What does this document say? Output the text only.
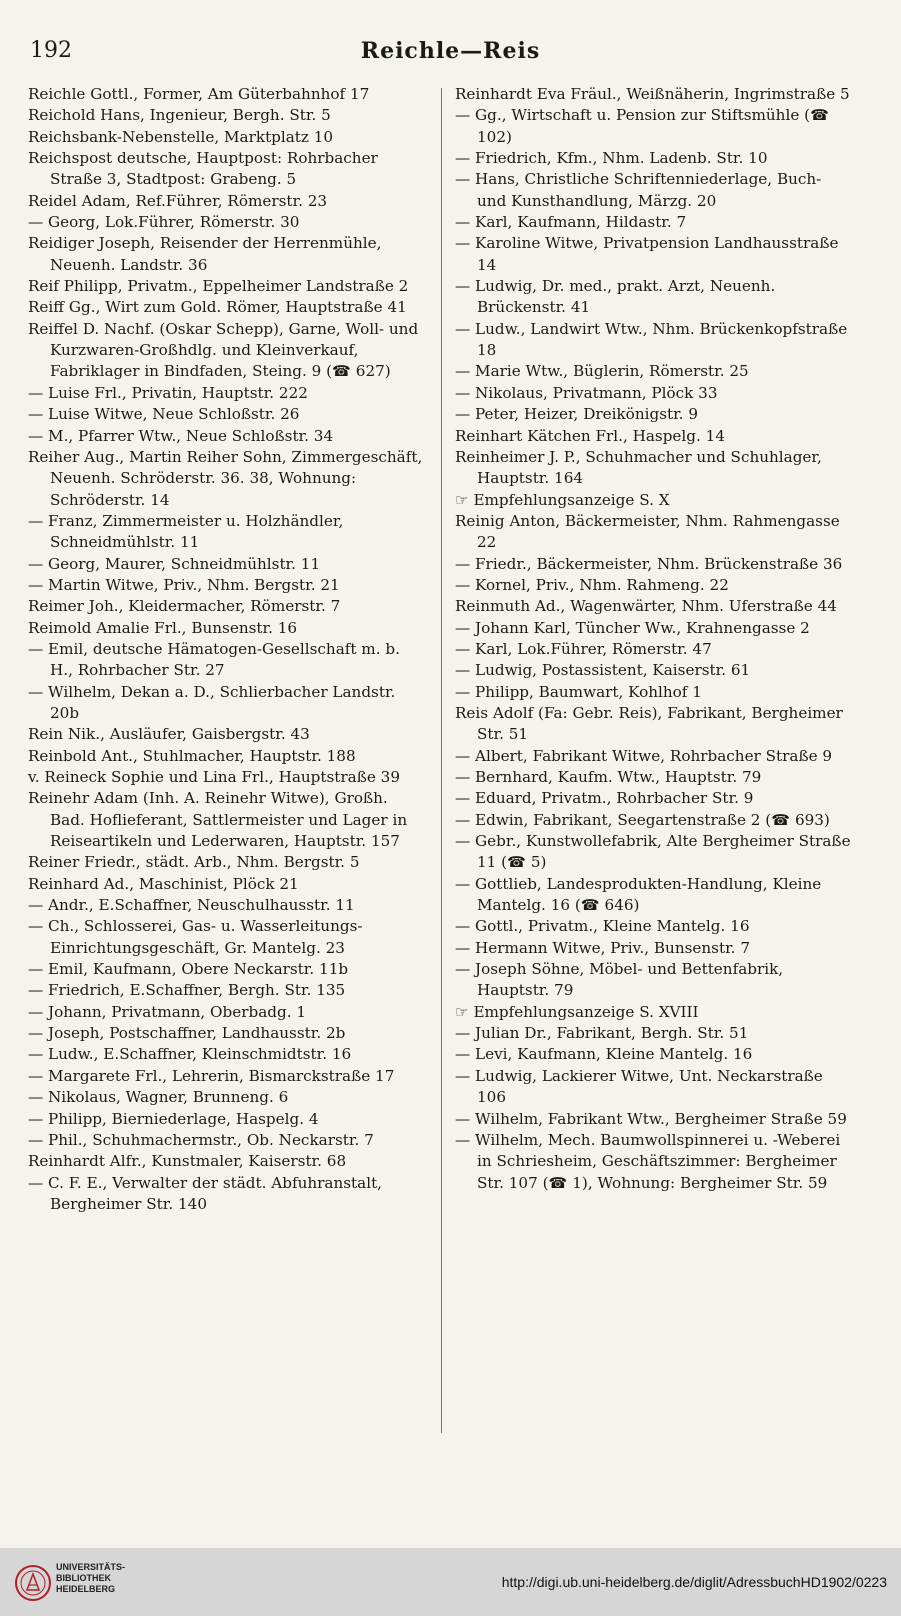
192	Reichle—Reis
Reichle Gottl., Former, Am Güterbahnhof 17
Reichold Hans, Ingenieur, Bergh. Str. 5
Reichsbank-Nebenstelle, Marktplatz 10
Reichspost deutsche, Hauptpost: Rohrbacher Straße 3, Stadtpost: Grabeng. 5
Reidel Adam, Ref.Führer, Römerstr. 23
— Georg, Lok.Führer, Römerstr. 30
Reidiger Joseph, Reisender der Herrenmühle, Neuenh. Landstr. 36
Reif Philipp, Privatm., Eppelheimer Landstraße 2
Reiff Gg., Wirt zum Gold. Römer, Hauptstraße 41
Reiffel D. Nachf. (Oskar Schepp), Garne, Woll- und Kurzwaren-Großhdlg. und Kleinverkauf, Fabriklager in Bindfaden, Steing. 9 (☎ 627)
— Luise Frl., Privatin, Hauptstr. 222
— Luise Witwe, Neue Schloßstr. 26
— M., Pfarrer Wtw., Neue Schloßstr. 34
Reiher Aug., Martin Reiher Sohn, Zimmergeschäft, Neuenh. Schröderstr. 36. 38, Wohnung: Schröderstr. 14
— Franz, Zimmermeister u. Holzhändler, Schneidmühlstr. 11
— Georg, Maurer, Schneidmühlstr. 11
— Martin Witwe, Priv., Nhm. Bergstr. 21
Reimer Joh., Kleidermacher, Römerstr. 7
Reimold Amalie Frl., Bunsenstr. 16
— Emil, deutsche Hämatogen-Gesellschaft m. b. H., Rohrbacher Str. 27
— Wilhelm, Dekan a. D., Schlierbacher Landstr. 20b
Rein Nik., Ausläufer, Gaisbergstr. 43
Reinbold Ant., Stuhlmacher, Hauptstr. 188
v. Reineck Sophie und Lina Frl., Hauptstraße 39
Reinehr Adam (Inh. A. Reinehr Witwe), Großh. Bad. Hoflieferant, Sattlermeister und Lager in Reiseartikeln und Lederwaren, Hauptstr. 157
Reiner Friedr., städt. Arb., Nhm. Bergstr. 5
Reinhard Ad., Maschinist, Plöck 21
— Andr., E.Schaffner, Neuschulhausstr. 11
— Ch., Schlosserei, Gas- u. Wasserleitungs-Einrichtungsgeschäft, Gr. Mantelg. 23
— Emil, Kaufmann, Obere Neckarstr. 11b
— Friedrich, E.Schaffner, Bergh. Str. 135
— Johann, Privatmann, Oberbadg. 1
— Joseph, Postschaffner, Landhausstr. 2b
— Ludw., E.Schaffner, Kleinschmidtstr. 16
— Margarete Frl., Lehrerin, Bismarckstraße 17
— Nikolaus, Wagner, Brunneng. 6
— Philipp, Bierniederlage, Haspelg. 4
— Phil., Schuhmachermstr., Ob. Neckarstr. 7
Reinhardt Alfr., Kunstmaler, Kaiserstr. 68
— C. F. E., Verwalter der städt. Abfuhranstalt, Bergheimer Str. 140
Reinhardt Eva Fräul., Weißnäherin, Ingrimstraße 5
— Gg., Wirtschaft u. Pension zur Stiftsmühle (☎ 102)
— Friedrich, Kfm., Nhm. Ladenb. Str. 10
— Hans, Christliche Schriftenniederlage, Buch- und Kunsthandlung, Märzg. 20
— Karl, Kaufmann, Hildastr. 7
— Karoline Witwe, Privatpension Landhausstraße 14
— Ludwig, Dr. med., prakt. Arzt, Neuenh. Brückenstr. 41
— Ludw., Landwirt Wtw., Nhm. Brückenkopfstraße 18
— Marie Wtw., Büglerin, Römerstr. 25
— Nikolaus, Privatmann, Plöck 33
— Peter, Heizer, Dreikönigstr. 9
Reinhart Kätchen Frl., Haspelg. 14
Reinheimer J. P., Schuhmacher und Schuhlager, Hauptstr. 164
☞ Empfehlungsanzeige S. X
Reinig Anton, Bäckermeister, Nhm. Rahmengasse 22
— Friedr., Bäckermeister, Nhm. Brückenstraße 36
— Kornel, Priv., Nhm. Rahmeng. 22
Reinmuth Ad., Wagenwärter, Nhm. Uferstraße 44
— Johann Karl, Tüncher Ww., Krahnengasse 2
— Karl, Lok.Führer, Römerstr. 47
— Ludwig, Postassistent, Kaiserstr. 61
— Philipp, Baumwart, Kohlhof 1
Reis Adolf (Fa: Gebr. Reis), Fabrikant, Bergheimer Str. 51
— Albert, Fabrikant Witwe, Rohrbacher Straße 9
— Bernhard, Kaufm. Wtw., Hauptstr. 79
— Eduard, Privatm., Rohrbacher Str. 9
— Edwin, Fabrikant, Seegartenstraße 2 (☎ 693)
— Gebr., Kunstwollefabrik, Alte Bergheimer Straße 11 (☎ 5)
— Gottlieb, Landesprodukten-Handlung, Kleine Mantelg. 16 (☎ 646)
— Gottl., Privatm., Kleine Mantelg. 16
— Hermann Witwe, Priv., Bunsenstr. 7
— Joseph Söhne, Möbel- und Bettenfabrik, Hauptstr. 79
☞ Empfehlungsanzeige S. XVIII
— Julian Dr., Fabrikant, Bergh. Str. 51
— Levi, Kaufmann, Kleine Mantelg. 16
— Ludwig, Lackierer Witwe, Unt. Neckarstraße 106
— Wilhelm, Fabrikant Wtw., Bergheimer Straße 59
— Wilhelm, Mech. Baumwollspinnerei u. -Weberei in Schriesheim, Geschäftszimmer: Bergheimer Str. 107 (☎ 1), Wohnung: Bergheimer Str. 59
UNIVERSITÄTS-
BIBLIOTHEK
HEIDELBERG	http://digi.ub.uni-heidelberg.de/diglit/AdressbuchHD1902/0223
